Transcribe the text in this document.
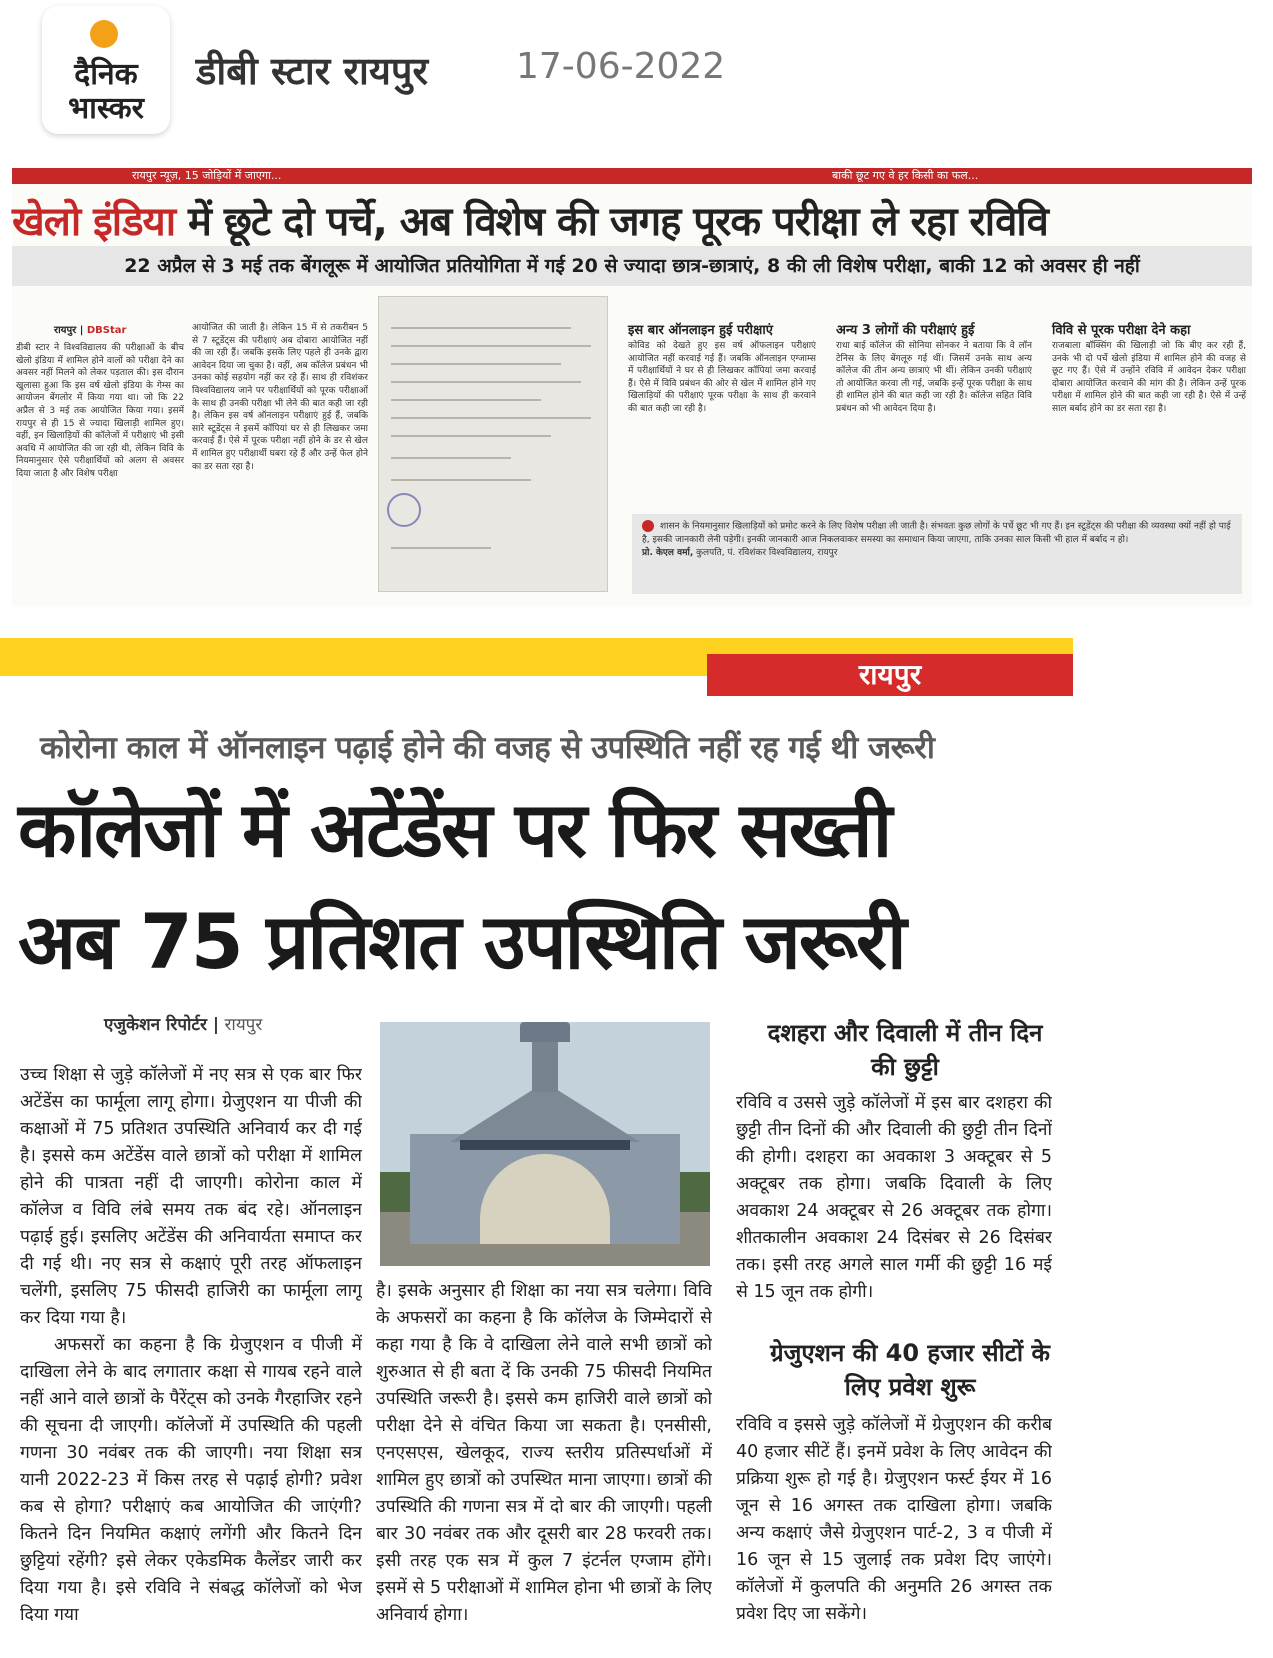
दैनिक
भास्कर
डीबी स्टार रायपुर 17-06-2022
रायपुर न्यूज़, 15 जोड़ियों में जाएगा...	बाकी छूट गए वे हर किसी का फल...
खेलो इंडिया में छूटे दो पर्चे, अब विशेष की जगह पूरक परीक्षा ले रहा रविवि
22 अप्रैल से 3 मई तक बेंगलूरू में आयोजित प्रतियोगिता में गई 20 से ज्यादा छात्र-छात्राएं, 8 की ली विशेष परीक्षा, बाकी 12 को अवसर ही नहीं
रायपुर | DBStar
डीबी स्टार ने विश्वविद्यालय की परीक्षाओं के बीच खेलो इंडिया में शामिल होने वालों को परीक्षा देने का अवसर नहीं मिलने को लेकर पड़ताल की। इस दौरान खुलासा हुआ कि इस वर्ष खेलो इंडिया के गेम्स का आयोजन बेंगलोर में किया गया था। जो कि 22 अप्रैल से 3 मई तक आयोजित किया गया। इसमें रायपुर से ही 15 से ज्यादा खिलाड़ी शामिल हुए। वहीं, इन खिलाड़ियों की कॉलेजों में परीक्षाएं भी इसी अवधि में आयोजित की जा रही थी, लेकिन विवि के नियमानुसार ऐसे परीक्षार्थियों को अलग से अवसर दिया जाता है और विशेष परीक्षा
आयोजित की जाती है। लेकिन 15 में से तकरीबन 5 से 7 स्टूडेंट्स की परीक्षाएं अब दोबारा आयोजित नहीं की जा रही हैं। जबकि इसके लिए पहले ही उनके द्वारा आवेदन दिया जा चुका है। वहीं, अब कॉलेज प्रबंधन भी उनका कोई सहयोग नहीं कर रहे हैं। साथ ही रविशंकर विश्वविद्यालय जाने पर परीक्षार्थियों को पूरक परीक्षाओं के साथ ही उनकी परीक्षा भी लेने की बात कही जा रही है। लेकिन इस वर्ष ऑनलाइन परीक्षाएं हुई हैं, जबकि सारे स्टूडेंट्स ने इसमें कॉपियां घर से ही लिखकर जमा करवाई हैं। ऐसे में पूरक परीक्षा नहीं होने के डर से खेल में शामिल हुए परीक्षार्थी घबरा रहे हैं और उन्हें फेल होने का डर सता रहा है।
इस बार ऑनलाइन हुई परीक्षाएं
कोविड को देखते हुए इस वर्ष ऑफलाइन परीक्षाएं आयोजित नहीं करवाई गई हैं। जबकि ऑनलाइन एग्जाम्स में परीक्षार्थियों ने घर से ही लिखकर कॉपियां जमा करवाई हैं। ऐसे में विवि प्रबंधन की ओर से खेल में शामिल होने गए खिलाड़ियों की परीक्षाएं पूरक परीक्षा के साथ ही करवाने की बात कही जा रही है।
अन्य 3 लोगों की परीक्षाएं हुई
राधा बाई कॉलेज की सोनिया सोनकर ने बताया कि वे लॉन टेनिस के लिए बेंगलूरु गई थीं। जिसमें उनके साथ अन्य कॉलेज की तीन अन्य छात्राएं भी थीं। लेकिन उनकी परीक्षाएं तो आयोजित करवा ली गई, जबकि इन्हें पूरक परीक्षा के साथ ही शामिल होने की बात कही जा रही है। कॉलेज सहित विवि प्रबंधन को भी आवेदन दिया है।
विवि से पूरक परीक्षा देने कहा
राजबाला बॉक्सिंग की खिलाड़ी जो कि बीए कर रही हैं, उनके भी दो पर्चे खेलो इंडिया में शामिल होने की वजह से छूट गए हैं। ऐसे में उन्होंने रविवि में आवेदन देकर परीक्षा दोबारा आयोजित करवाने की मांग की है। लेकिन उन्हें पूरक परीक्षा में शामिल होने की बात कही जा रही है। ऐसे में उन्हें साल बर्बाद होने का डर सता रहा है।
शासन के नियमानुसार खिलाड़ियों को प्रमोट करने के लिए विशेष परीक्षा ली जाती है। संभवतः कुछ लोगों के पर्चे छूट भी गए हैं। इन स्टूडेंट्स की परीक्षा की व्यवस्था क्यों नहीं हो पाई है, इसकी जानकारी लेनी पड़ेगी। इनकी जानकारी आज निकलवाकर समस्या का समाधान किया जाएगा, ताकि उनका साल किसी भी हाल में बर्बाद न हो।
प्रो. केएल वर्मा, कुलपति, पं. रविशंकर विश्वविद्यालय, रायपुर
रायपुर
कोरोना काल में ऑनलाइन पढ़ाई होने की वजह से उपस्थिति नहीं रह गई थी जरूरी
कॉलेजों में अटेंडेंस पर फिर सख्ती
अब 75 प्रतिशत उपस्थिति जरूरी
एजुकेशन रिपोर्टर | रायपुर
उच्च शिक्षा से जुड़े कॉलेजों में नए सत्र से एक बार फिर अटेंडेंस का फार्मूला लागू होगा। ग्रेजुएशन या पीजी की कक्षाओं में 75 प्रतिशत उपस्थिति अनिवार्य कर दी गई है। इससे कम अटेंडेंस वाले छात्रों को परीक्षा में शामिल होने की पात्रता नहीं दी जाएगी। कोरोना काल में कॉलेज व विवि लंबे समय तक बंद रहे। ऑनलाइन पढ़ाई हुई। इसलिए अटेंडेंस की अनिवार्यता समाप्त कर दी गई थी। नए सत्र से कक्षाएं पूरी तरह ऑफलाइन चलेंगी, इसलिए 75 फीसदी हाजिरी का फार्मूला लागू कर दिया गया है।
अफसरों का कहना है कि ग्रेजुएशन व पीजी में दाखिला लेने के बाद लगातार कक्षा से गायब रहने वाले नहीं आने वाले छात्रों के पैरेंट्स को उनके गैरहाजिर रहने की सूचना दी जाएगी। कॉलेजों में उपस्थिति की पहली गणना 30 नवंबर तक की जाएगी। नया शिक्षा सत्र यानी 2022-23 में किस तरह से पढ़ाई होगी? प्रवेश कब से होगा? परीक्षाएं कब आयोजित की जाएंगी? कितने दिन नियमित कक्षाएं लगेंगी और कितने दिन छुट्टियां रहेंगी? इसे लेकर एकेडमिक कैलेंडर जारी कर दिया गया है। इसे रविवि ने संबद्ध कॉलेजों को भेज दिया गया
है। इसके अनुसार ही शिक्षा का नया सत्र चलेगा। विवि के अफसरों का कहना है कि कॉलेज के जिम्मेदारों से कहा गया है कि वे दाखिला लेने वाले सभी छात्रों को शुरुआत से ही बता दें कि उनकी 75 फीसदी नियमित उपस्थिति जरूरी है। इससे कम हाजिरी वाले छात्रों को परीक्षा देने से वंचित किया जा सकता है। एनसीसी, एनएसएस, खेलकूद, राज्य स्तरीय प्रतिस्पर्धाओं में शामिल हुए छात्रों को उपस्थित माना जाएगा। छात्रों की उपस्थिति की गणना सत्र में दो बार की जाएगी। पहली बार 30 नवंबर तक और दूसरी बार 28 फरवरी तक। इसी तरह एक सत्र में कुल 7 इंटर्नल एग्जाम होंगे। इसमें से 5 परीक्षाओं में शामिल होना भी छात्रों के लिए अनिवार्य होगा।
दशहरा और दिवाली में तीन दिन की छुट्टी
रविवि व उससे जुड़े कॉलेजों में इस बार दशहरा की छुट्टी तीन दिनों की और दिवाली की छुट्टी तीन दिनों की होगी। दशहरा का अवकाश 3 अक्टूबर से 5 अक्टूबर तक होगा। जबकि दिवाली के लिए अवकाश 24 अक्टूबर से 26 अक्टूबर तक होगा। शीतकालीन अवकाश 24 दिसंबर से 26 दिसंबर तक। इसी तरह अगले साल गर्मी की छुट्टी 16 मई से 15 जून तक होगी।
ग्रेजुएशन की 40 हजार सीटों के लिए प्रवेश शुरू
रविवि व इससे जुड़े कॉलेजों में ग्रेजुएशन की करीब 40 हजार सीटें हैं। इनमें प्रवेश के लिए आवेदन की प्रक्रिया शुरू हो गई है। ग्रेजुएशन फर्स्ट ईयर में 16 जून से 16 अगस्त तक दाखिला होगा। जबकि अन्य कक्षाएं जैसे ग्रेजुएशन पार्ट-2, 3 व पीजी में 16 जून से 15 जुलाई तक प्रवेश दिए जाएंगे। कॉलेजों में कुलपति की अनुमति 26 अगस्त तक प्रवेश दिए जा सकेंगे।
